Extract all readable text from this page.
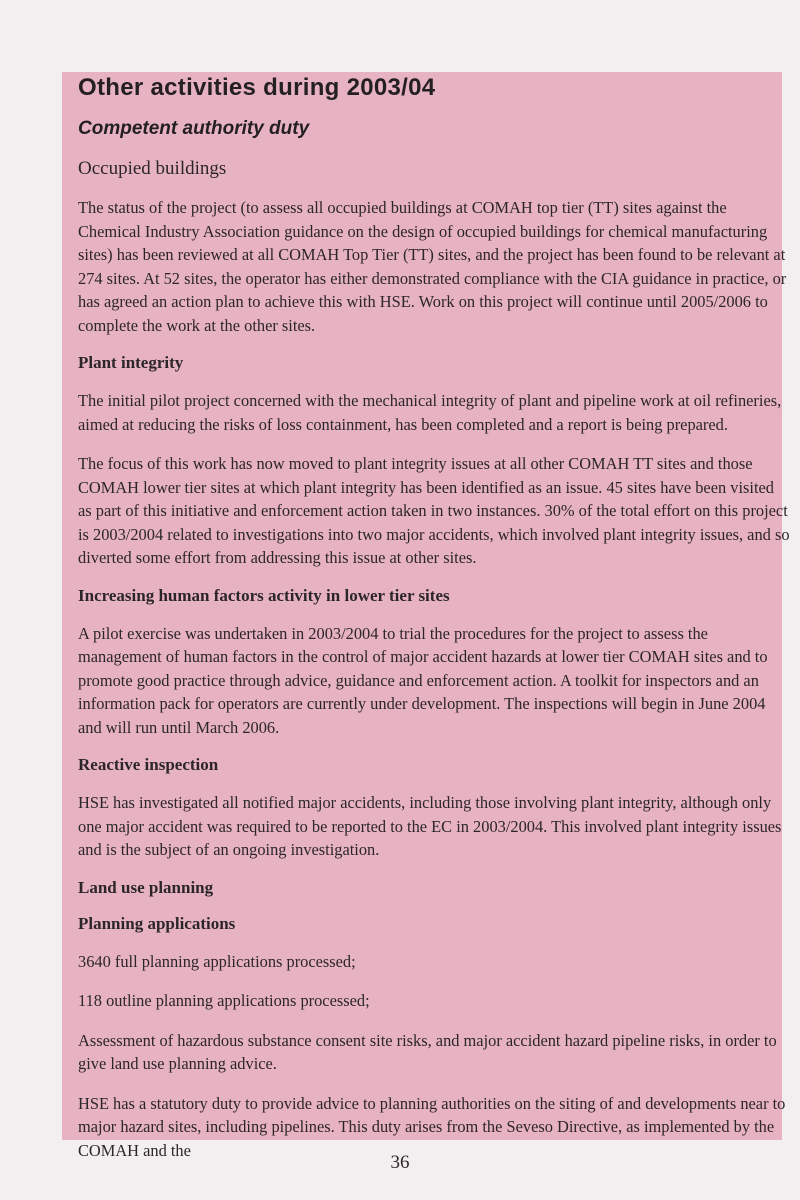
Other activities during 2003/04
Competent authority duty
Occupied buildings

The status of the project (to assess all occupied buildings at COMAH top tier (TT) sites against the Chemical Industry Association guidance on the design of occupied buildings for chemical manufacturing sites) has been reviewed at all COMAH Top Tier (TT) sites, and the project has been found to be relevant at 274 sites. At 52 sites, the operator has either demonstrated compliance with the CIA guidance in practice, or has agreed an action plan to achieve this with HSE. Work on this project will continue until 2005/2006 to complete the work at the other sites.

Plant integrity

The initial pilot project concerned with the mechanical integrity of plant and pipeline work at oil refineries, aimed at reducing the risks of loss containment, has been completed and a report is being prepared.

The focus of this work has now moved to plant integrity issues at all other COMAH TT sites and those COMAH lower tier sites at which plant integrity has been identified as an issue. 45 sites have been visited as part of this initiative and enforcement action taken in two instances. 30% of the total effort on this project is 2003/2004 related to investigations into two major accidents, which involved plant integrity issues, and so diverted some effort from addressing this issue at other sites.

Increasing human factors activity in lower tier sites

A pilot exercise was undertaken in 2003/2004 to trial the procedures for the project to assess the management of human factors in the control of major accident hazards at lower tier COMAH sites and to promote good practice through advice, guidance and enforcement action. A toolkit for inspectors and an information pack for operators are currently under development. The inspections will begin in June 2004 and will run until March 2006.

Reactive inspection

HSE has investigated all notified major accidents, including those involving plant integrity, although only one major accident was required to be reported to the EC in 2003/2004. This involved plant integrity issues and is the subject of an ongoing investigation.

Land use planning
Planning applications

3640 full planning applications processed;

118 outline planning applications processed;

Assessment of hazardous substance consent site risks, and major accident hazard pipeline risks, in order to give land use planning advice.

HSE has a statutory duty to provide advice to planning authorities on the siting of and developments near to major hazard sites, including pipelines. This duty arises from the Seveso Directive, as implemented by the COMAH and the

36
